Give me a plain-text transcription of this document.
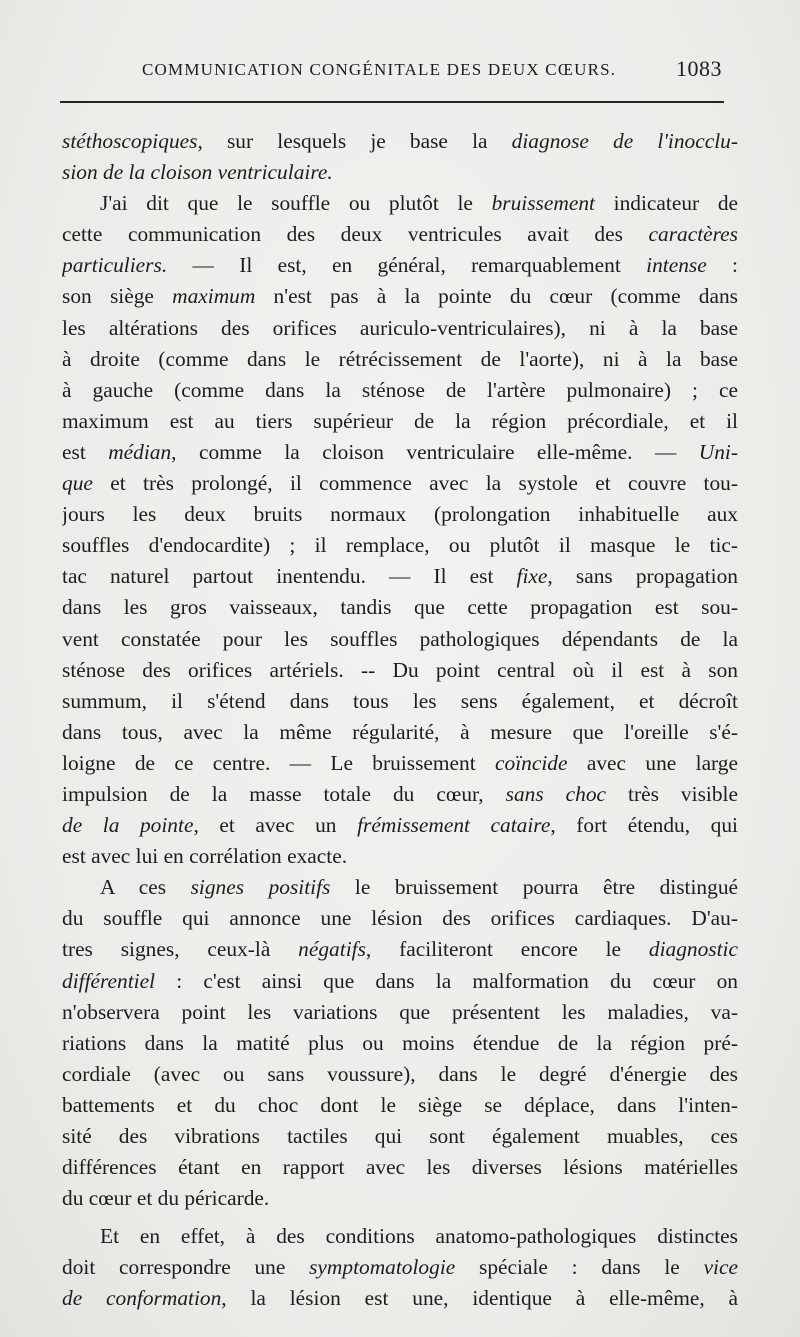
COMMUNICATION CONGÉNITALE DES DEUX CŒURS.	1083
stéthoscopiques, sur lesquels je base la diagnose de l'inocclu-
sion de la cloison ventriculaire.
J'ai dit que le souffle ou plutôt le bruissement indicateur de
cette communication des deux ventricules avait des caractères
particuliers. — Il est, en général, remarquablement intense :
son siège maximum n'est pas à la pointe du cœur (comme dans
les altérations des orifices auriculo-ventriculaires), ni à la base
à droite (comme dans le rétrécissement de l'aorte), ni à la base
à gauche (comme dans la sténose de l'artère pulmonaire) ; ce
maximum est au tiers supérieur de la région précordiale, et il
est médian, comme la cloison ventriculaire elle-même. — Uni-
que et très prolongé, il commence avec la systole et couvre tou-
jours les deux bruits normaux (prolongation inhabituelle aux
souffles d'endocardite) ; il remplace, ou plutôt il masque le tic-
tac naturel partout inentendu. — Il est fixe, sans propagation
dans les gros vaisseaux, tandis que cette propagation est sou-
vent constatée pour les souffles pathologiques dépendants de la
sténose des orifices artériels. -- Du point central où il est à son
summum, il s'étend dans tous les sens également, et décroît
dans tous, avec la même régularité, à mesure que l'oreille s'é-
loigne de ce centre. — Le bruissement coïncide avec une large
impulsion de la masse totale du cœur, sans choc très visible
de la pointe, et avec un frémissement cataire, fort étendu, qui
est avec lui en corrélation exacte.
A ces signes positifs le bruissement pourra être distingué
du souffle qui annonce une lésion des orifices cardiaques. D'au-
tres signes, ceux-là négatifs, faciliteront encore le diagnostic
différentiel : c'est ainsi que dans la malformation du cœur on
n'observera point les variations que présentent les maladies, va-
riations dans la matité plus ou moins étendue de la région pré-
cordiale (avec ou sans voussure), dans le degré d'énergie des
battements et du choc dont le siège se déplace, dans l'inten-
sité des vibrations tactiles qui sont également muables, ces
différences étant en rapport avec les diverses lésions matérielles
du cœur et du péricarde.
Et en effet, à des conditions anatomo-pathologiques distinctes
doit correspondre une symptomatologie spéciale : dans le vice
de conformation, la lésion est une, identique à elle-même, à
